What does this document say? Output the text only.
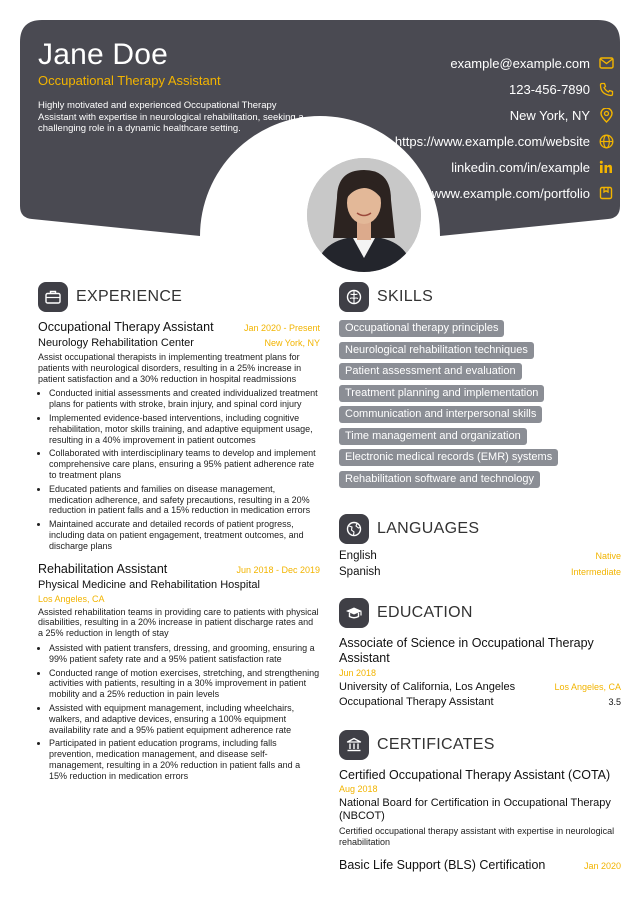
Jane Doe
Occupational Therapy Assistant
Highly motivated and experienced Occupational Therapy Assistant with expertise in neurological rehabilitation, seeking a challenging role in a dynamic healthcare setting.
example@example.com
123-456-7890
New York, NY
https://www.example.com/website
linkedin.com/in/example
www.example.com/portfolio
EXPERIENCE
Occupational Therapy Assistant	Jan 2020 - Present
Neurology Rehabilitation Center	New York, NY
Assist occupational therapists in implementing treatment plans for patients with neurological disorders, resulting in a 25% increase in patient satisfaction and a 30% reduction in hospital readmissions
• Conducted initial assessments and created individualized treatment plans for patients with stroke, brain injury, and spinal cord injury
• Implemented evidence-based interventions, including cognitive rehabilitation, motor skills training, and adaptive equipment usage, resulting in a 40% improvement in patient outcomes
• Collaborated with interdisciplinary teams to develop and implement comprehensive care plans, ensuring a 95% patient adherence rate to treatment plans
• Educated patients and families on disease management, medication adherence, and safety precautions, resulting in a 20% reduction in patient falls and a 15% reduction in medication errors
• Maintained accurate and detailed records of patient progress, including data on patient engagement, treatment outcomes, and discharge plans
Rehabilitation Assistant	Jun 2018 - Dec 2019
Physical Medicine and Rehabilitation Hospital
Los Angeles, CA
Assisted rehabilitation teams in providing care to patients with physical disabilities, resulting in a 20% increase in patient discharge rates and a 25% reduction in length of stay
• Assisted with patient transfers, dressing, and grooming, ensuring a 99% patient safety rate and a 95% patient satisfaction rate
• Conducted range of motion exercises, stretching, and strengthening activities with patients, resulting in a 30% improvement in patient mobility and a 25% reduction in pain levels
• Assisted with equipment management, including wheelchairs, walkers, and adaptive devices, ensuring a 100% equipment availability rate and a 95% patient equipment adherence rate
• Participated in patient education programs, including falls prevention, medication management, and disease self-management, resulting in a 20% reduction in patient falls and a 15% reduction in medication errors
SKILLS
Occupational therapy principles
Neurological rehabilitation techniques
Patient assessment and evaluation
Treatment planning and implementation
Communication and interpersonal skills
Time management and organization
Electronic medical records (EMR) systems
Rehabilitation software and technology
LANGUAGES
English	Native
Spanish	Intermediate
EDUCATION
Associate of Science in Occupational Therapy Assistant
Jun 2018
University of California, Los Angeles	Los Angeles, CA
Occupational Therapy Assistant	3.5
CERTIFICATES
Certified Occupational Therapy Assistant (COTA)
Aug 2018
National Board for Certification in Occupational Therapy (NBCOT)
Certified occupational therapy assistant with expertise in neurological rehabilitation
Basic Life Support (BLS) Certification	Jan 2020
